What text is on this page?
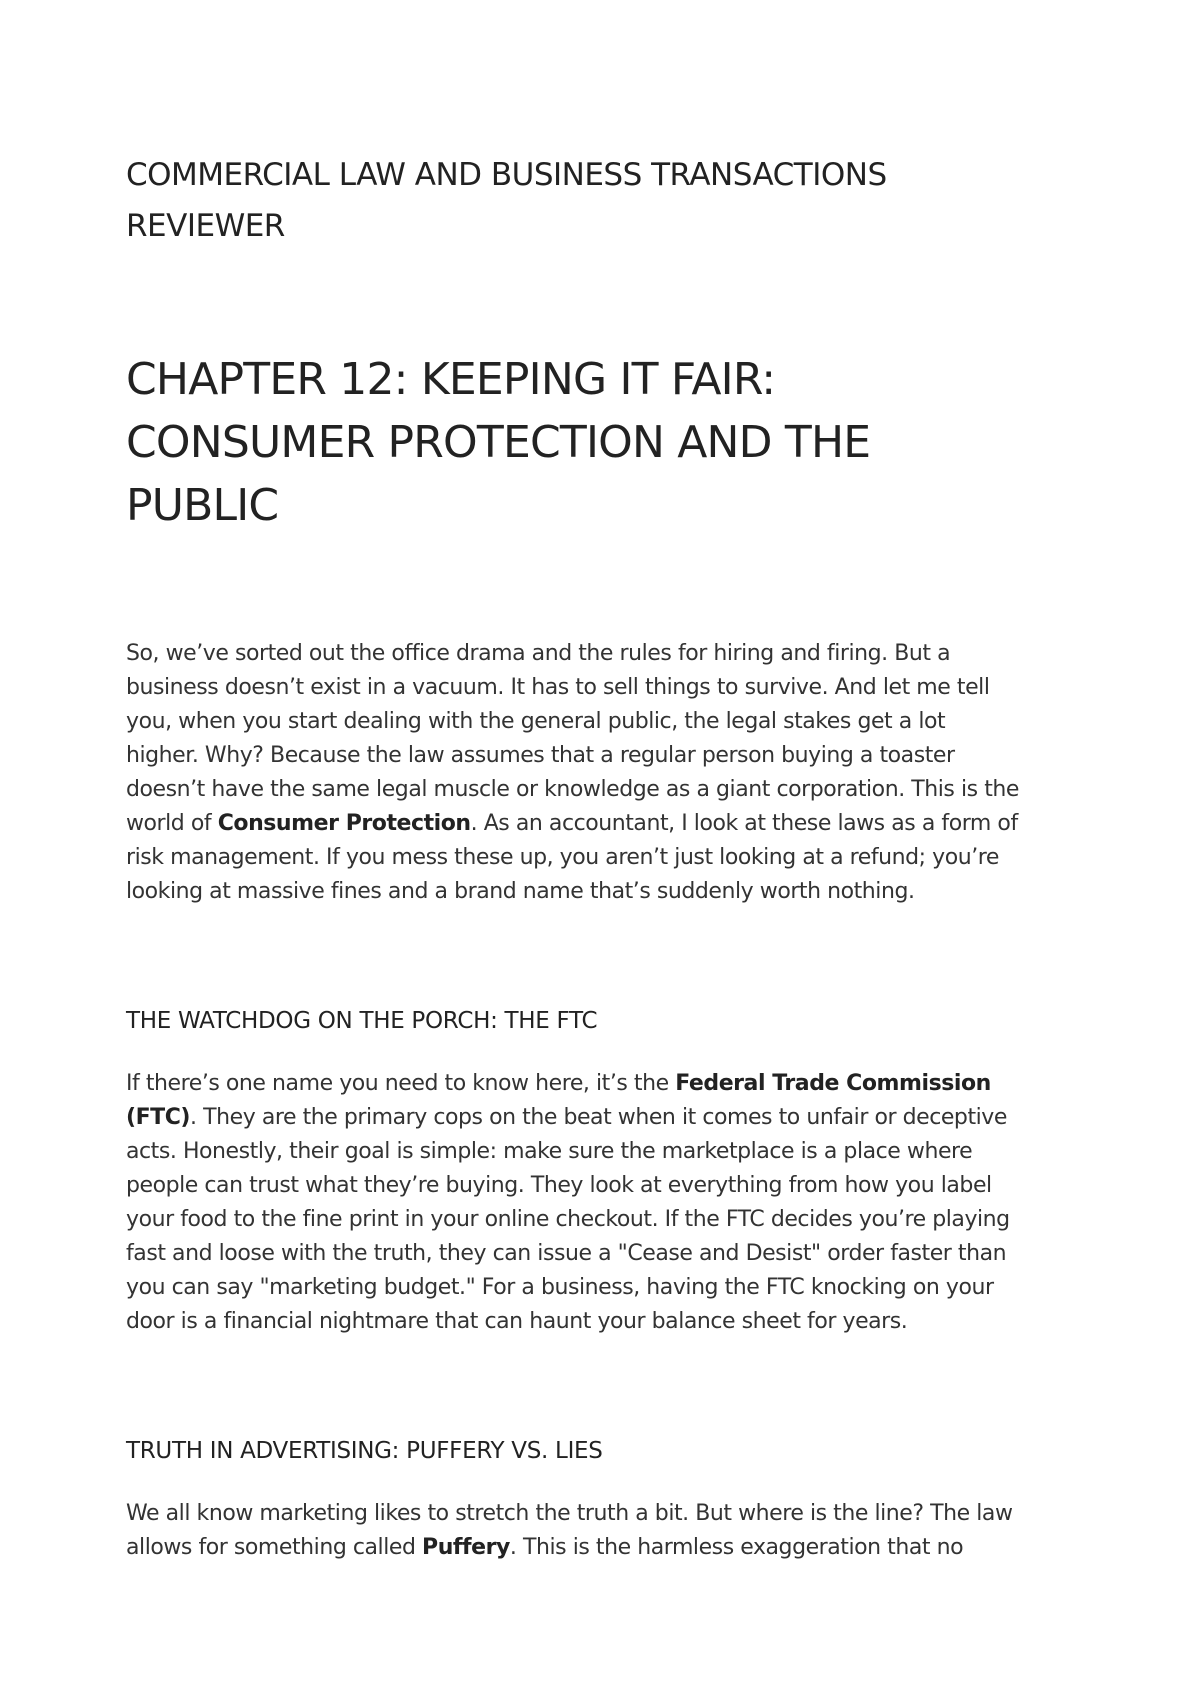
COMMERCIAL LAW AND BUSINESS TRANSACTIONS
REVIEWER
CHAPTER 12: KEEPING IT FAIR:
CONSUMER PROTECTION AND THE
PUBLIC

So, we’ve sorted out the office drama and the rules for hiring and firing. But a
business doesn’t exist in a vacuum. It has to sell things to survive. And let me tell
you, when you start dealing with the general public, the legal stakes get a lot
higher. Why? Because the law assumes that a regular person buying a toaster
doesn’t have the same legal muscle or knowledge as a giant corporation. This is the
world of Consumer Protection. As an accountant, I look at these laws as a form of
risk management. If you mess these up, you aren’t just looking at a refund; you’re
looking at massive fines and a brand name that’s suddenly worth nothing.

THE WATCHDOG ON THE PORCH: THE FTC

If there’s one name you need to know here, it’s the Federal Trade Commission
(FTC). They are the primary cops on the beat when it comes to unfair or deceptive
acts. Honestly, their goal is simple: make sure the marketplace is a place where
people can trust what they’re buying. They look at everything from how you label
your food to the fine print in your online checkout. If the FTC decides you’re playing
fast and loose with the truth, they can issue a "Cease and Desist" order faster than
you can say "marketing budget." For a business, having the FTC knocking on your
door is a financial nightmare that can haunt your balance sheet for years.

TRUTH IN ADVERTISING: PUFFERY VS. LIES

We all know marketing likes to stretch the truth a bit. But where is the line? The law
allows for something called Puffery. This is the harmless exaggeration that no
